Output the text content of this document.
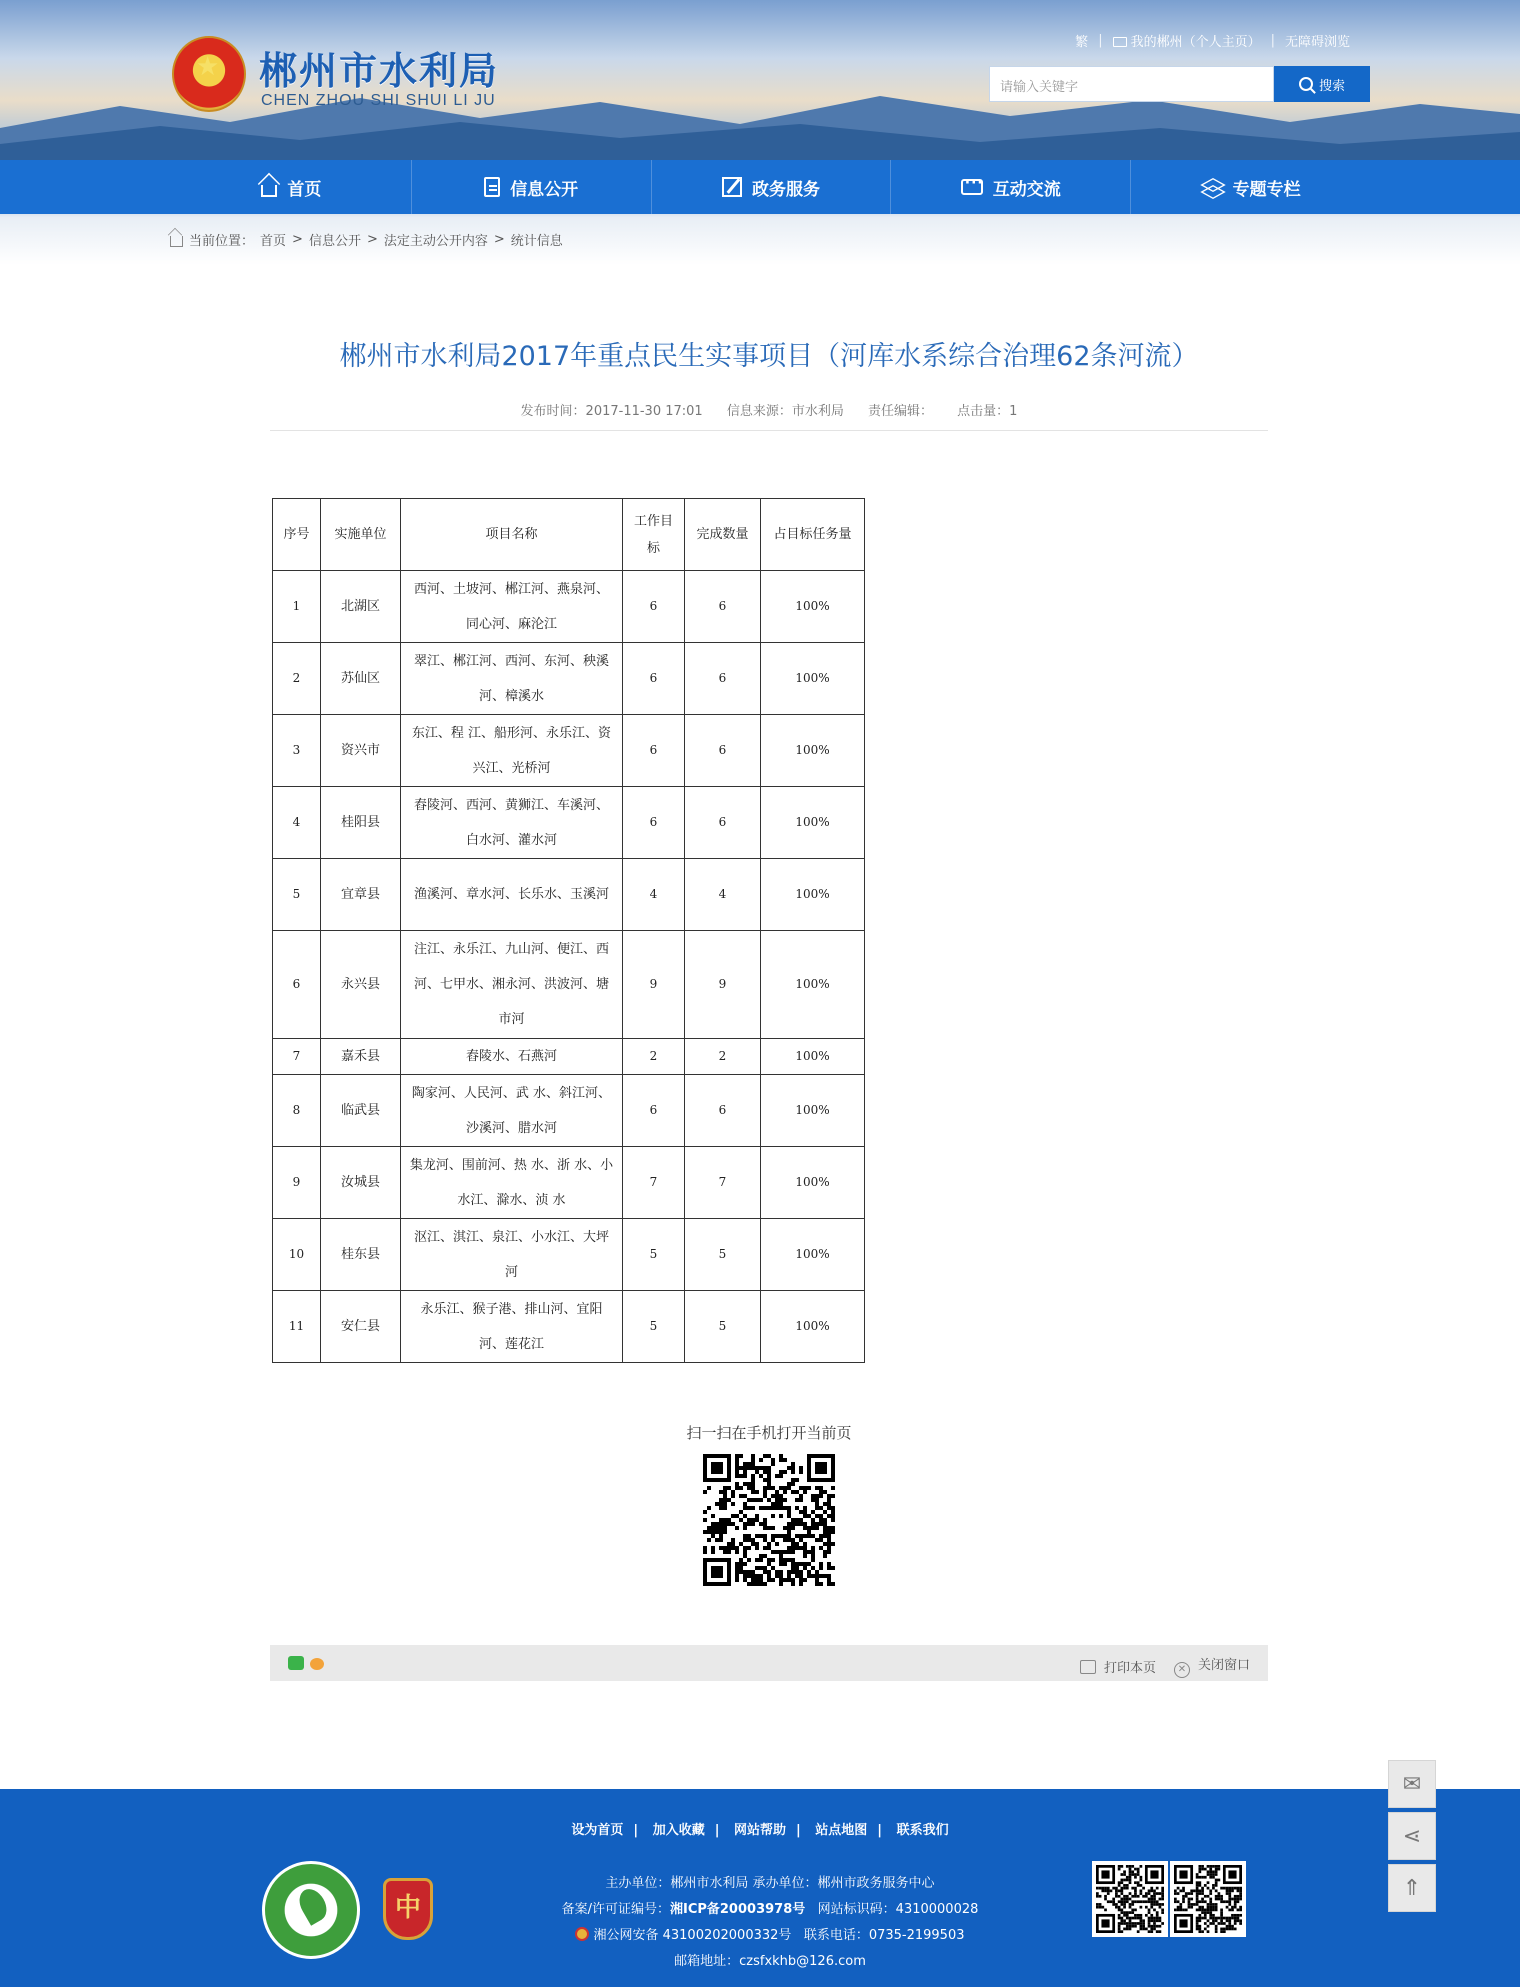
★ 郴州市水利局
CHEN ZHOU SHI SHUI LI JU
繁 |	我的郴州（个人主页） | 无障碍浏览
请输入关键字	搜索
首页	信息公开	政务服务 ···	互动交流	专题专栏
当前位置： 首页 > 信息公开 > 法定主动公开内容 > 统计信息
郴州市水利局2017年重点民生实事项目（河库水系综合治理62条河流）
发布时间：2017-11-30 17:01 信息来源：市水利局 责任编辑： 点击量：1
序号	实施单位	项目名称	工作目标	完成数量	占目标任务量
1	北湖区	西河、土坡河、郴江河、燕泉河、同心河、麻沦江	6	6	100%
2	苏仙区	翠江、郴江河、西河、东河、秧溪河、樟溪水	6	6	100%
3	资兴市	东江、程 江、船形河、永乐江、资兴江、光桥河	6	6	100%
4	桂阳县	舂陵河、西河、黄狮江、车溪河、白水河、灌水河	6	6	100%
5	宜章县	渔溪河、章水河、长乐水、玉溪河	4	4	100%
6	永兴县	注江、永乐江、九山河、便江、西河、七甲水、湘永河、洪波河、塘市河	9	9	100%
7	嘉禾县	舂陵水、石燕河	2	2	100%
8	临武县	陶家河、人民河、武 水、斜江河、沙溪河、腊水河	6	6	100%
9	汝城县	集龙河、围前河、热 水、浙 水、小水江、滁水、浈 水	7	7	100%
10	桂东县	沤江、淇江、泉江、小水江、大坪河	5	5	100%
11	安仁县	永乐江、猴子港、排山河、宜阳河、莲花江	5	5	100%
扫一扫在手机打开当前页
打印本页	✕ 关闭窗口
设为首页 | 加入收藏 | 网站帮助 | 站点地图 | 联系我们
中
主办单位：郴州市水利局 承办单位：郴州市政务服务中心
备案/许可证编号：湘ICP备20003978号 网站标识码：4310000028
湘公网安备 43100202000332号 联系电话：0735-2199503
邮箱地址：czsfxkhb@126.com
✉
⋖
⇑
